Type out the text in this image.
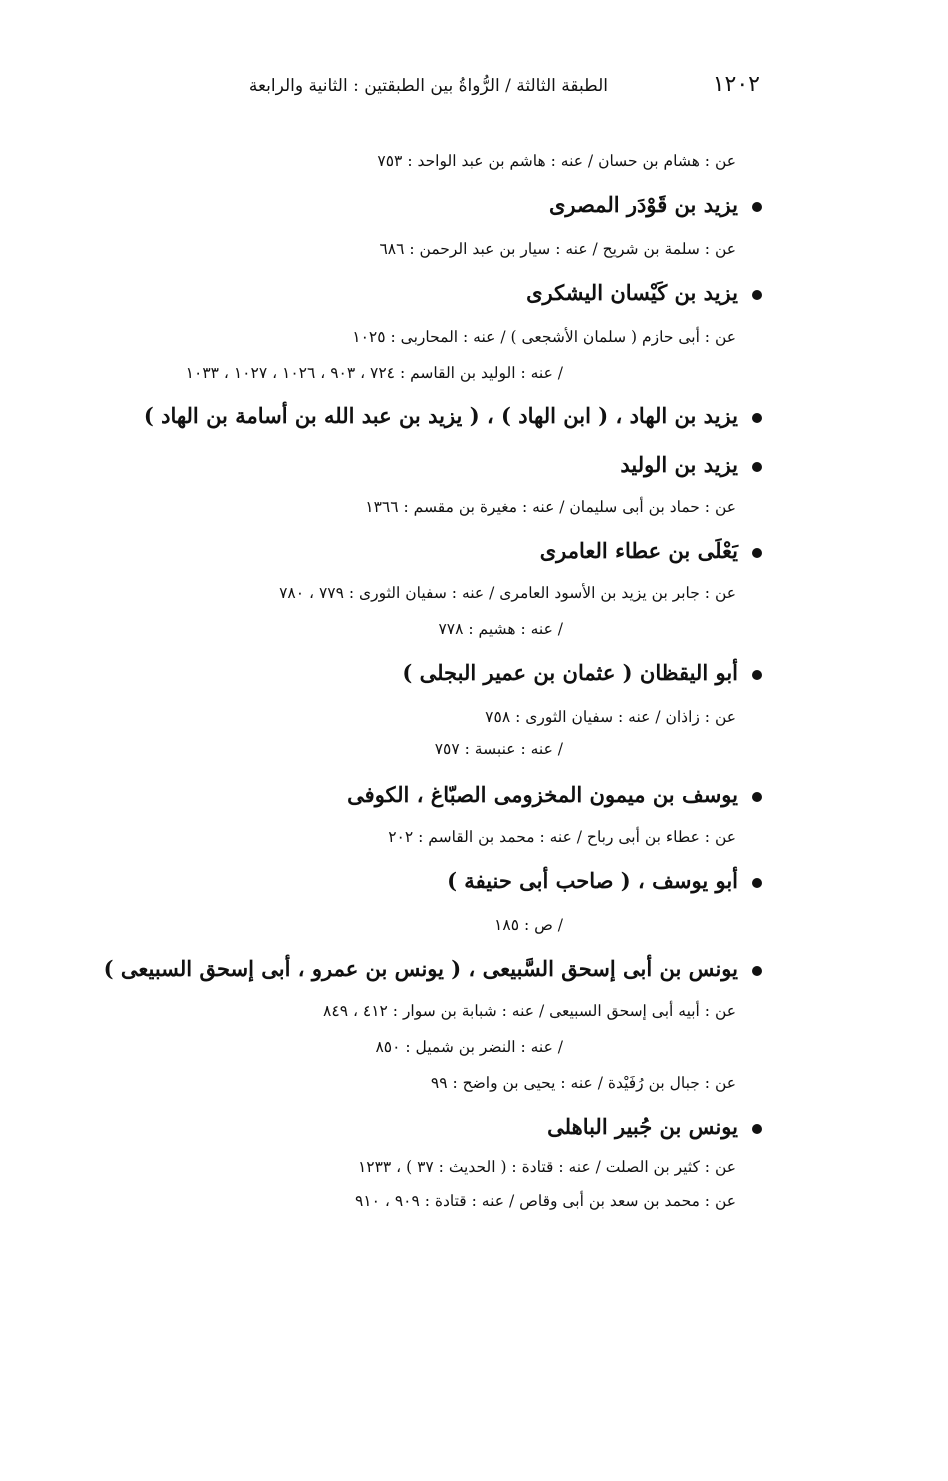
١٢٠٢
الطبقة الثالثة / الرُّواةُ بين الطبقتين : الثانية والرابعة
عن : هشام بن حسان / عنه : هاشم بن عبد الواحد : ٧٥٣
يزيد بن قَوْدَر المصرى
عن : سلمة بن شريح / عنه : سيار بن عبد الرحمن : ٦٨٦
يزيد بن كَيْسان اليشكرى
عن : أبى حازم ( سلمان الأشجعى ) / عنه : المحاربى : ١٠٢٥
/ عنه : الوليد بن القاسم : ٧٢٤ ، ٩٠٣ ، ١٠٢٦ ، ١٠٢٧ ، ١٠٣٣
يزيد بن الهاد ، ( ابن الهاد ) ، ( يزيد بن عبد الله بن أسامة بن الهاد )
يزيد بن الوليد
عن : حماد بن أبى سليمان / عنه : مغيرة بن مقسم : ١٣٦٦
يَعْلَى بن عطاء العامرى
عن : جابر بن يزيد بن الأسود العامرى / عنه : سفيان الثورى : ٧٧٩ ، ٧٨٠
/ عنه : هشيم : ٧٧٨
أبو اليقظان ( عثمان بن عمير البجلى )
عن : زاذان / عنه : سفيان الثورى : ٧٥٨
/ عنه : عنبسة : ٧٥٧
يوسف بن ميمون المخزومى الصبّاغ ، الكوفى
عن : عطاء بن أبى رباح / عنه : محمد بن القاسم : ٢٠٢
أبو يوسف ، ( صاحب أبى حنيفة )
/ ص : ١٨٥
يونس بن أبى إسحق السَّبيعى ، ( يونس بن عمرو ، أبى إسحق السبيعى )
عن : أبيه أبى إسحق السبيعى / عنه : شبابة بن سوار : ٤١٢ ، ٨٤٩
/ عنه : النضر بن شميل : ٨٥٠
عن : جبال بن رُفَيْدة / عنه : يحيى بن واضح : ٩٩
يونس بن جُبير الباهلى
عن : كثير بن الصلت / عنه : قتادة : ( الحديث : ٣٧ ) ، ١٢٣٣
عن : محمد بن سعد بن أبى وقاص / عنه : قتادة : ٩٠٩ ، ٩١٠
